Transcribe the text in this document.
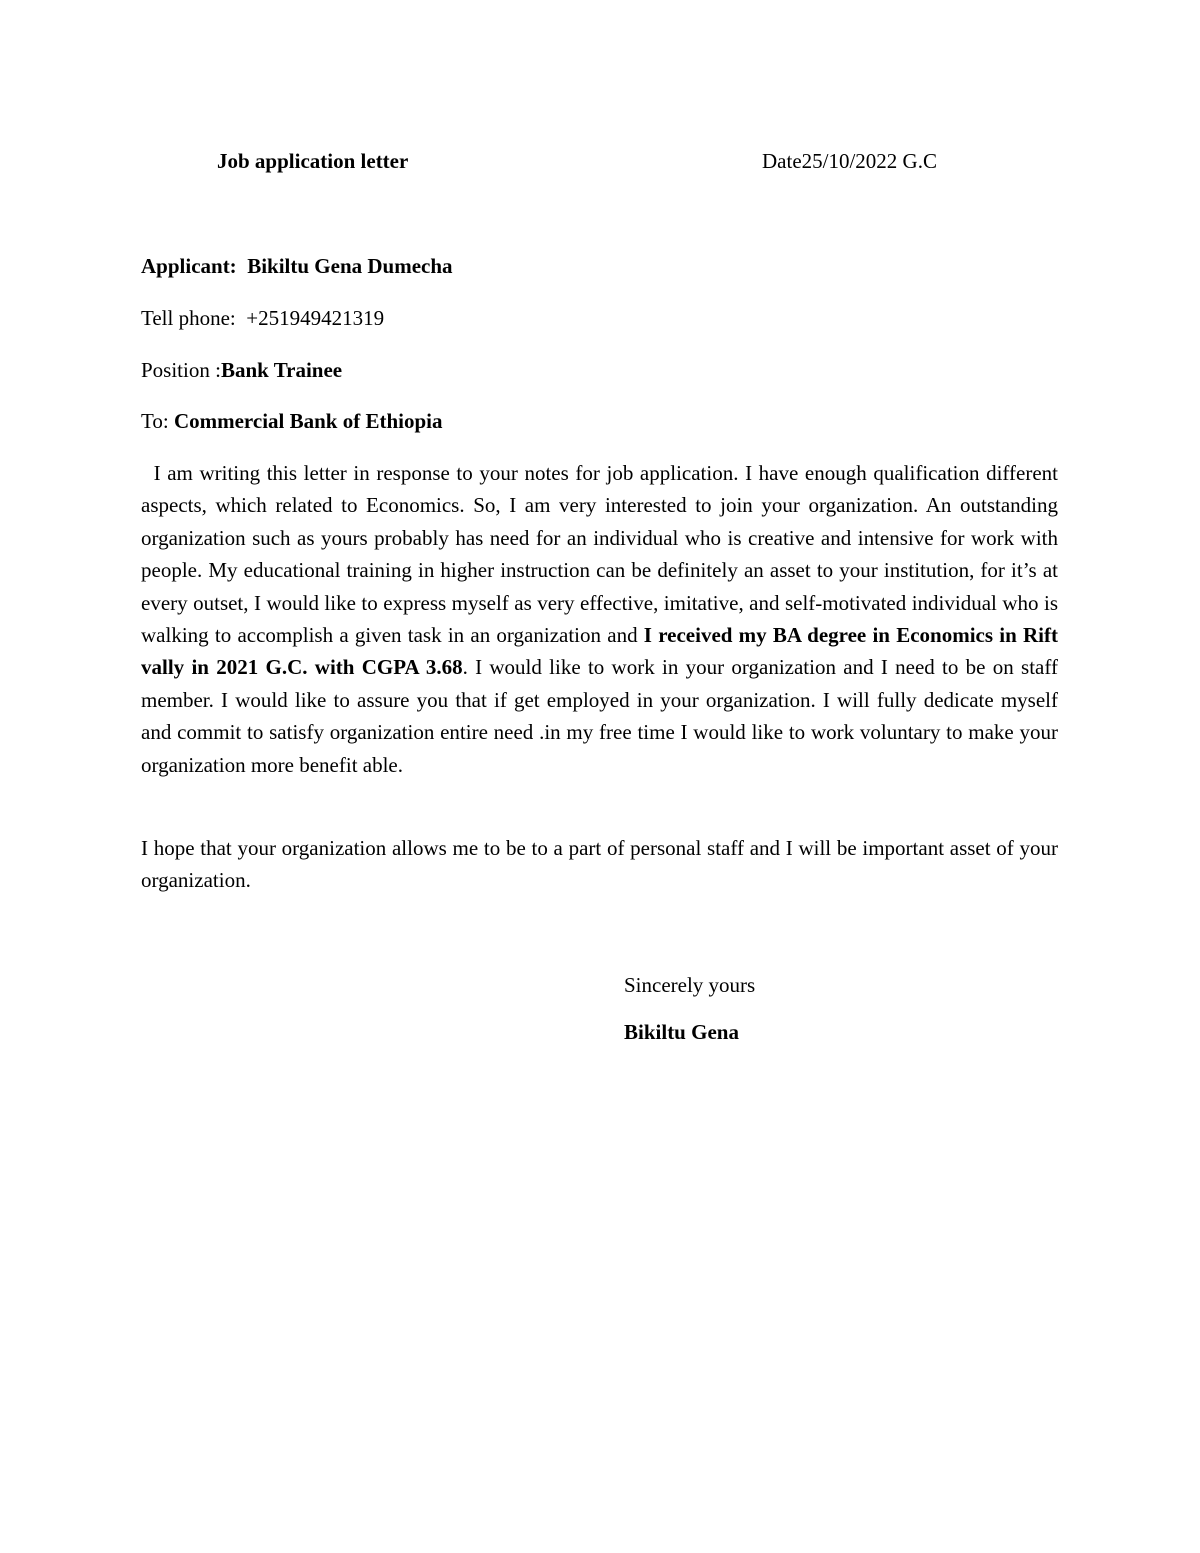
Job application letter	Date25/10/2022 G.C
Applicant: Bikiltu Gena Dumecha
Tell phone: +251949421319
Position :Bank Trainee
To: Commercial Bank of Ethiopia

I am writing this letter in response to your notes for job application. I have enough qualification different aspects, which related to Economics. So, I am very interested to join your organization. An outstanding organization such as yours probably has need for an individual who is creative and intensive for work with people. My educational training in higher instruction can be definitely an asset to your institution, for it’s at every outset, I would like to express myself as very effective, imitative, and self-motivated individual who is walking to accomplish a given task in an organization and I received my BA degree in Economics in Rift vally in 2021 G.C. with CGPA 3.68. I would like to work in your organization and I need to be on staff member. I would like to assure you that if get employed in your organization. I will fully dedicate myself and commit to satisfy organization entire need .in my free time I would like to work voluntary to make your organization more benefit able.

I hope that your organization allows me to be to a part of personal staff and I will be important asset of your organization.

Sincerely yours
Bikiltu Gena
